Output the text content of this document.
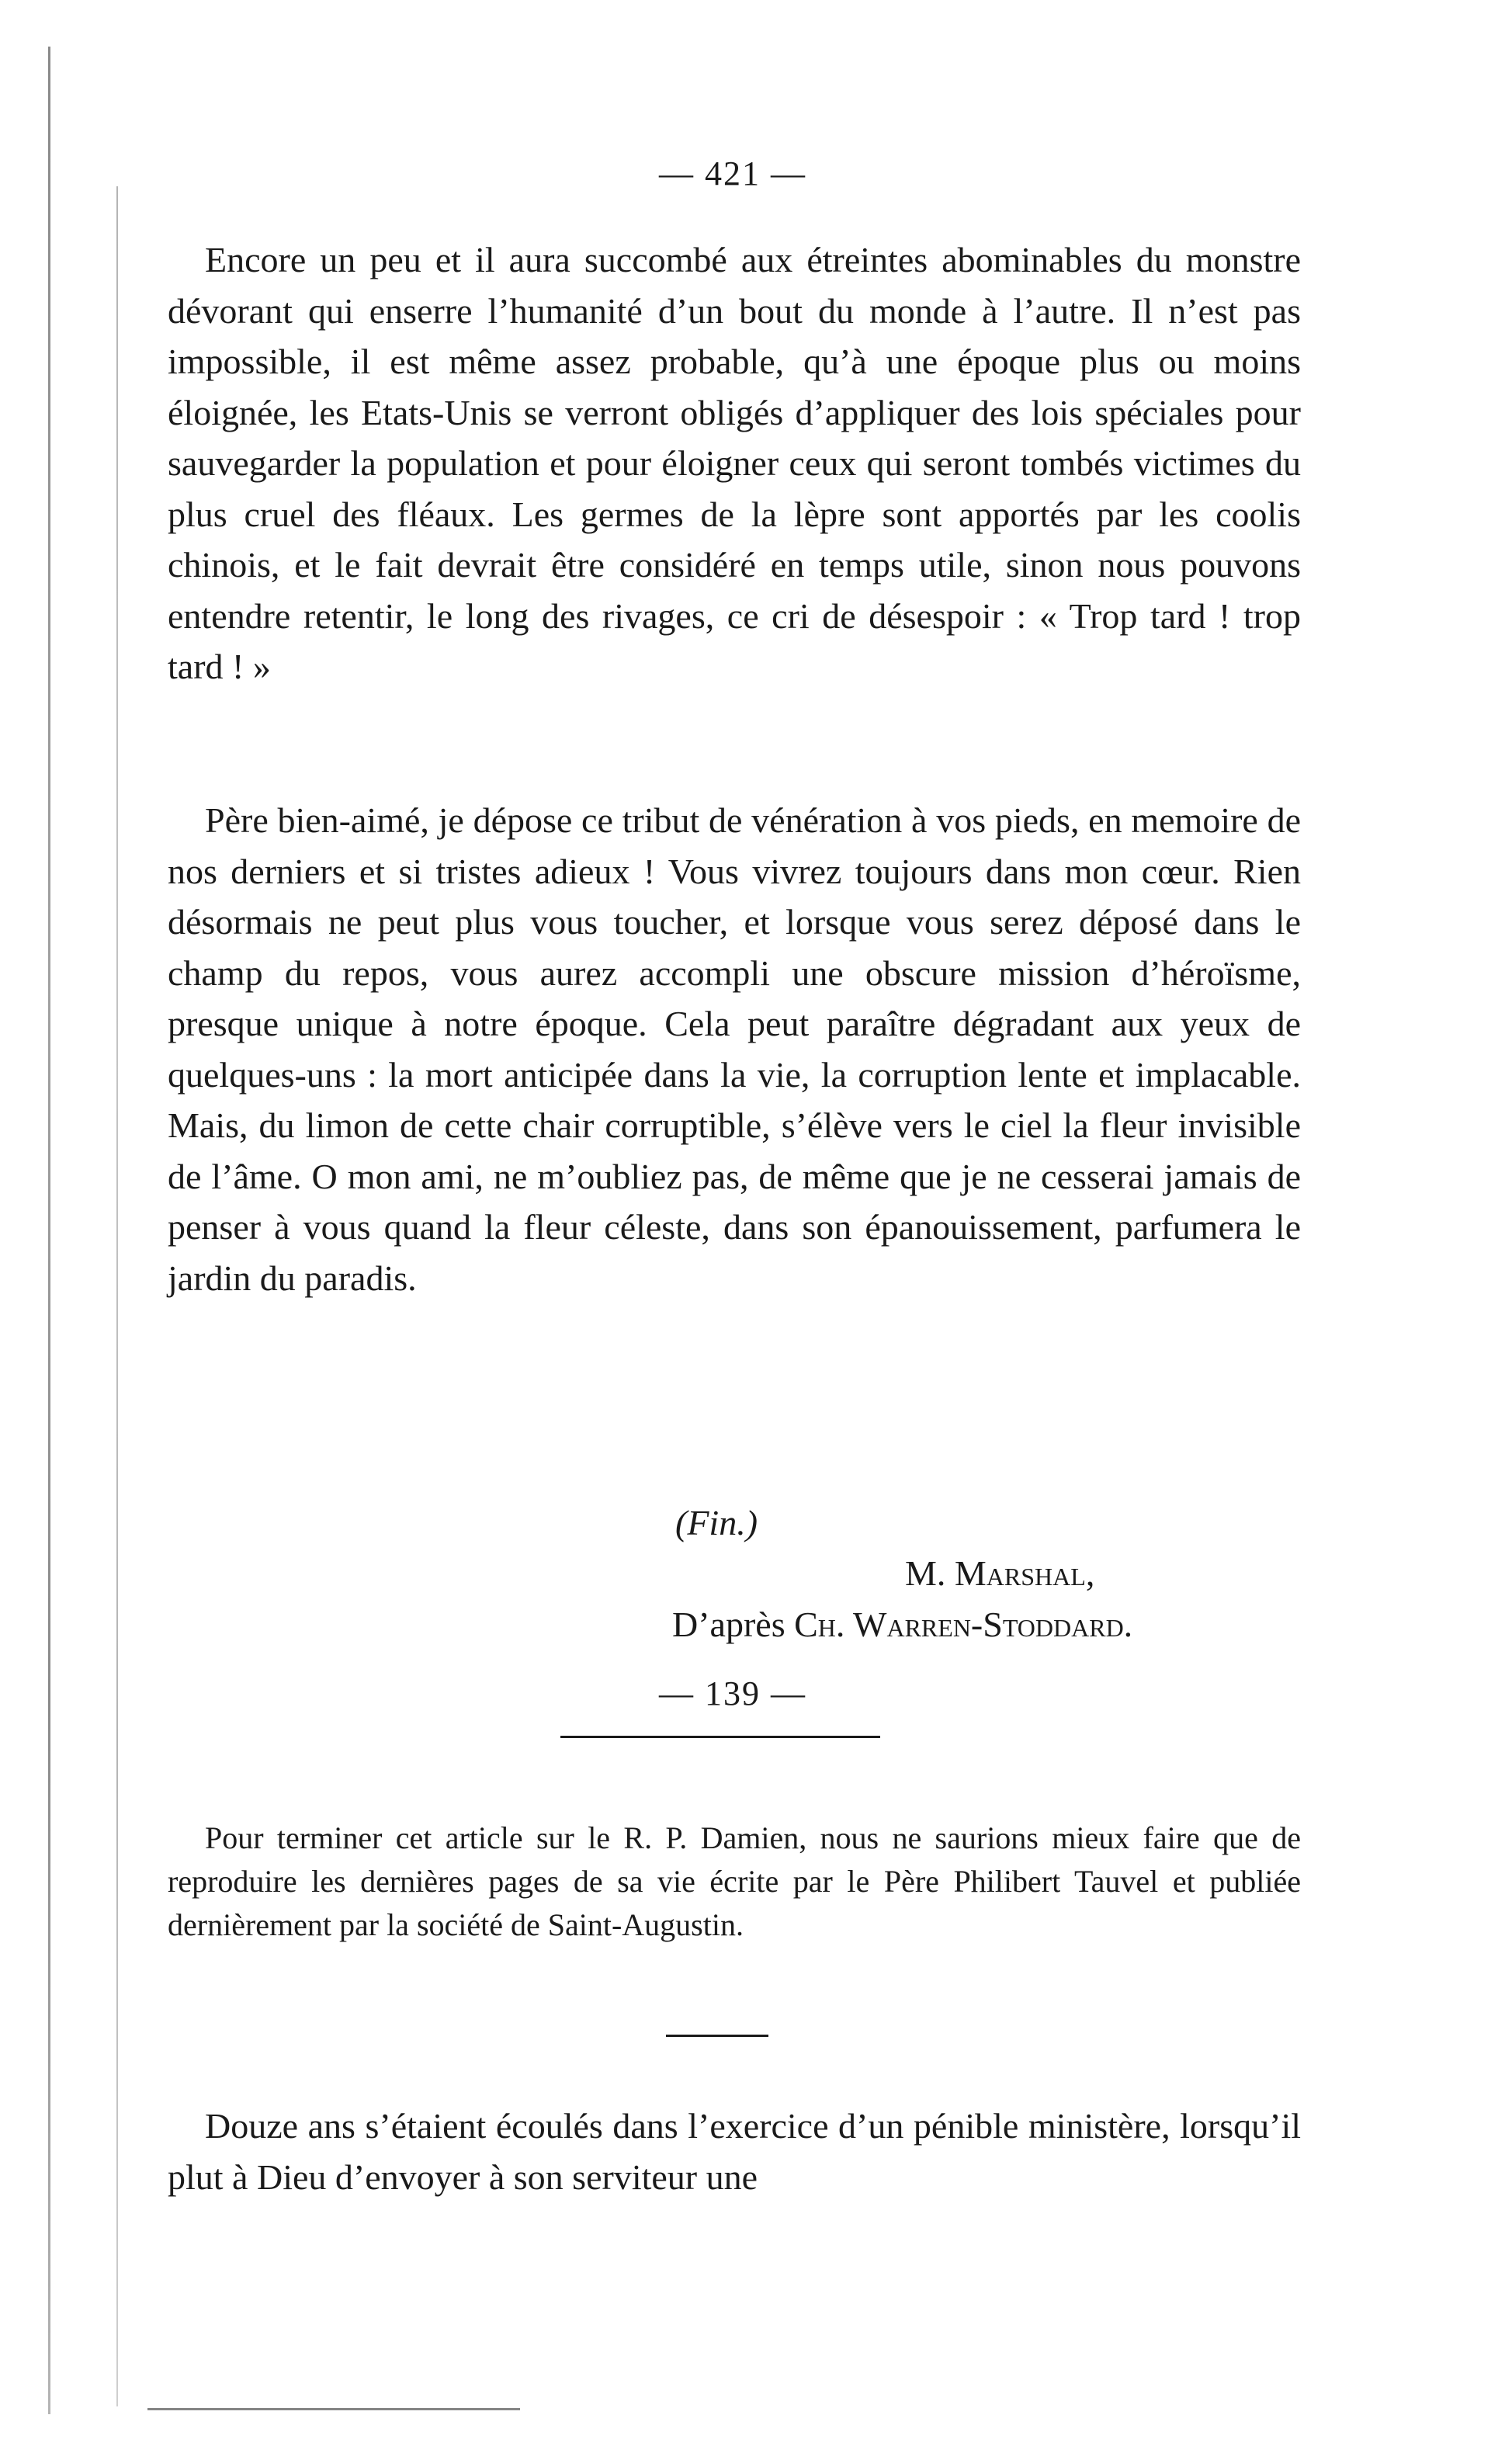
— 421 —

Encore un peu et il aura succombé aux étreintes abominables du monstre dévorant qui enserre l’humanité d’un bout du monde à l’autre. Il n’est pas impossible, il est même assez probable, qu’à une époque plus ou moins éloignée, les Etats-Unis se verront obligés d’appliquer des lois spéciales pour sauvegarder la population et pour éloigner ceux qui seront tombés victimes du plus cruel des fléaux. Les germes de la lèpre sont apportés par les coolis chinois, et le fait devrait être considéré en temps utile, sinon nous pouvons entendre retentir, le long des rivages, ce cri de désespoir : « Trop tard ! trop tard ! »

Père bien-aimé, je dépose ce tribut de vénération à vos pieds, en memoire de nos derniers et si tristes adieux ! Vous vivrez toujours dans mon cœur. Rien désormais ne peut plus vous toucher, et lorsque vous serez déposé dans le champ du repos, vous aurez accompli une obscure mission d’héroïsme, presque unique à notre époque. Cela peut paraître dégradant aux yeux de quelques-uns : la mort anticipée dans la vie, la corruption lente et implacable. Mais, du limon de cette chair corruptible, s’élève vers le ciel la fleur invisible de l’âme. O mon ami, ne m’oubliez pas, de même que je ne cesserai jamais de penser à vous quand la fleur céleste, dans son épanouissement, parfumera le jardin du paradis.

(Fin.)
M. Marshal,
D’après Ch. Warren-Stoddard.

Pour terminer cet article sur le R. P. Damien, nous ne saurions mieux faire que de reproduire les dernières pages de sa vie écrite par le Père Philibert Tauvel et publiée dernièrement par la société de Saint-Augustin.

Douze ans s’étaient écoulés dans l’exercice d’un pénible ministère, lorsqu’il plut à Dieu d’envoyer à son serviteur une

— 139 —
